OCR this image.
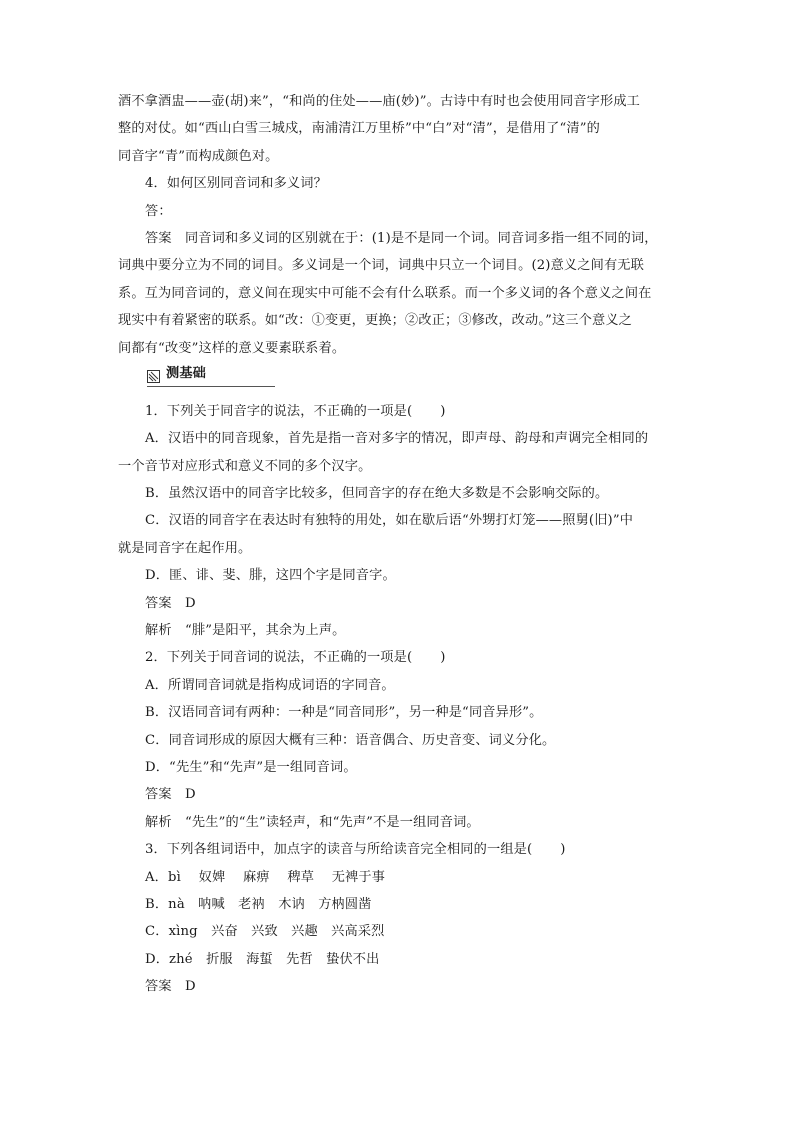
酒不拿酒盅——壶(胡)来”，“和尚的住处——庙(妙)”。古诗中有时也会使用同音字形成工
整的对仗。如“西山白雪三城戍，南浦清江万里桥”中“白”对“清”，是借用了“清”的
同音字“青”而构成颜色对。
4．如何区别同音词和多义词？
答：
答案　同音词和多义词的区别就在于：(1)是不是同一个词。同音词多指一组不同的词，
词典中要分立为不同的词目。多义词是一个词，词典中只立一个词目。(2)意义之间有无联
系。互为同音词的，意义间在现实中可能不会有什么联系。而一个多义词的各个意义之间在
现实中有着紧密的联系。如“改：①变更，更换；②改正；③修改，改动。”这三个意义之
间都有“改变”这样的意义要素联系着。
测基础
1．下列关于同音字的说法，不正确的一项是( )
A．汉语中的同音现象，首先是指一音对多字的情况，即声母、韵母和声调完全相同的
一个音节对应形式和意义不同的多个汉字。
B．虽然汉语中的同音字比较多，但同音字的存在绝大多数是不会影响交际的。
C．汉语的同音字在表达时有独特的用处，如在歇后语“外甥打灯笼——照舅(旧)”中
就是同音字在起作用。
D．匪、诽、斐、腓，这四个字是同音字。
答案　D
解析　“腓”是阳平，其余为上声。
2．下列关于同音词的说法，不正确的一项是( )
A．所谓同音词就是指构成词语的字同音。
B．汉语同音词有两种：一种是“同音同形”，另一种是“同音异形”。
C．同音词形成的原因大概有三种：语音偶合、历史音变、词义分化。
D．“先生”和“先声”是一组同音词。
答案　D
解析　“先生”的“生”读轻声，和“先声”不是一组同音词。
3．下列各组词语中，加点字的读音与所给读音完全相同的一组是( )
A．bì　 奴婢　 麻痹　 稗草　 无裨于事
B．nà　呐喊　老衲　木讷　方枘圆凿
C．xìng　兴奋　兴致　兴趣　兴高采烈
D．zhé　折服　海蜇　先哲　蛰伏不出
答案　D
